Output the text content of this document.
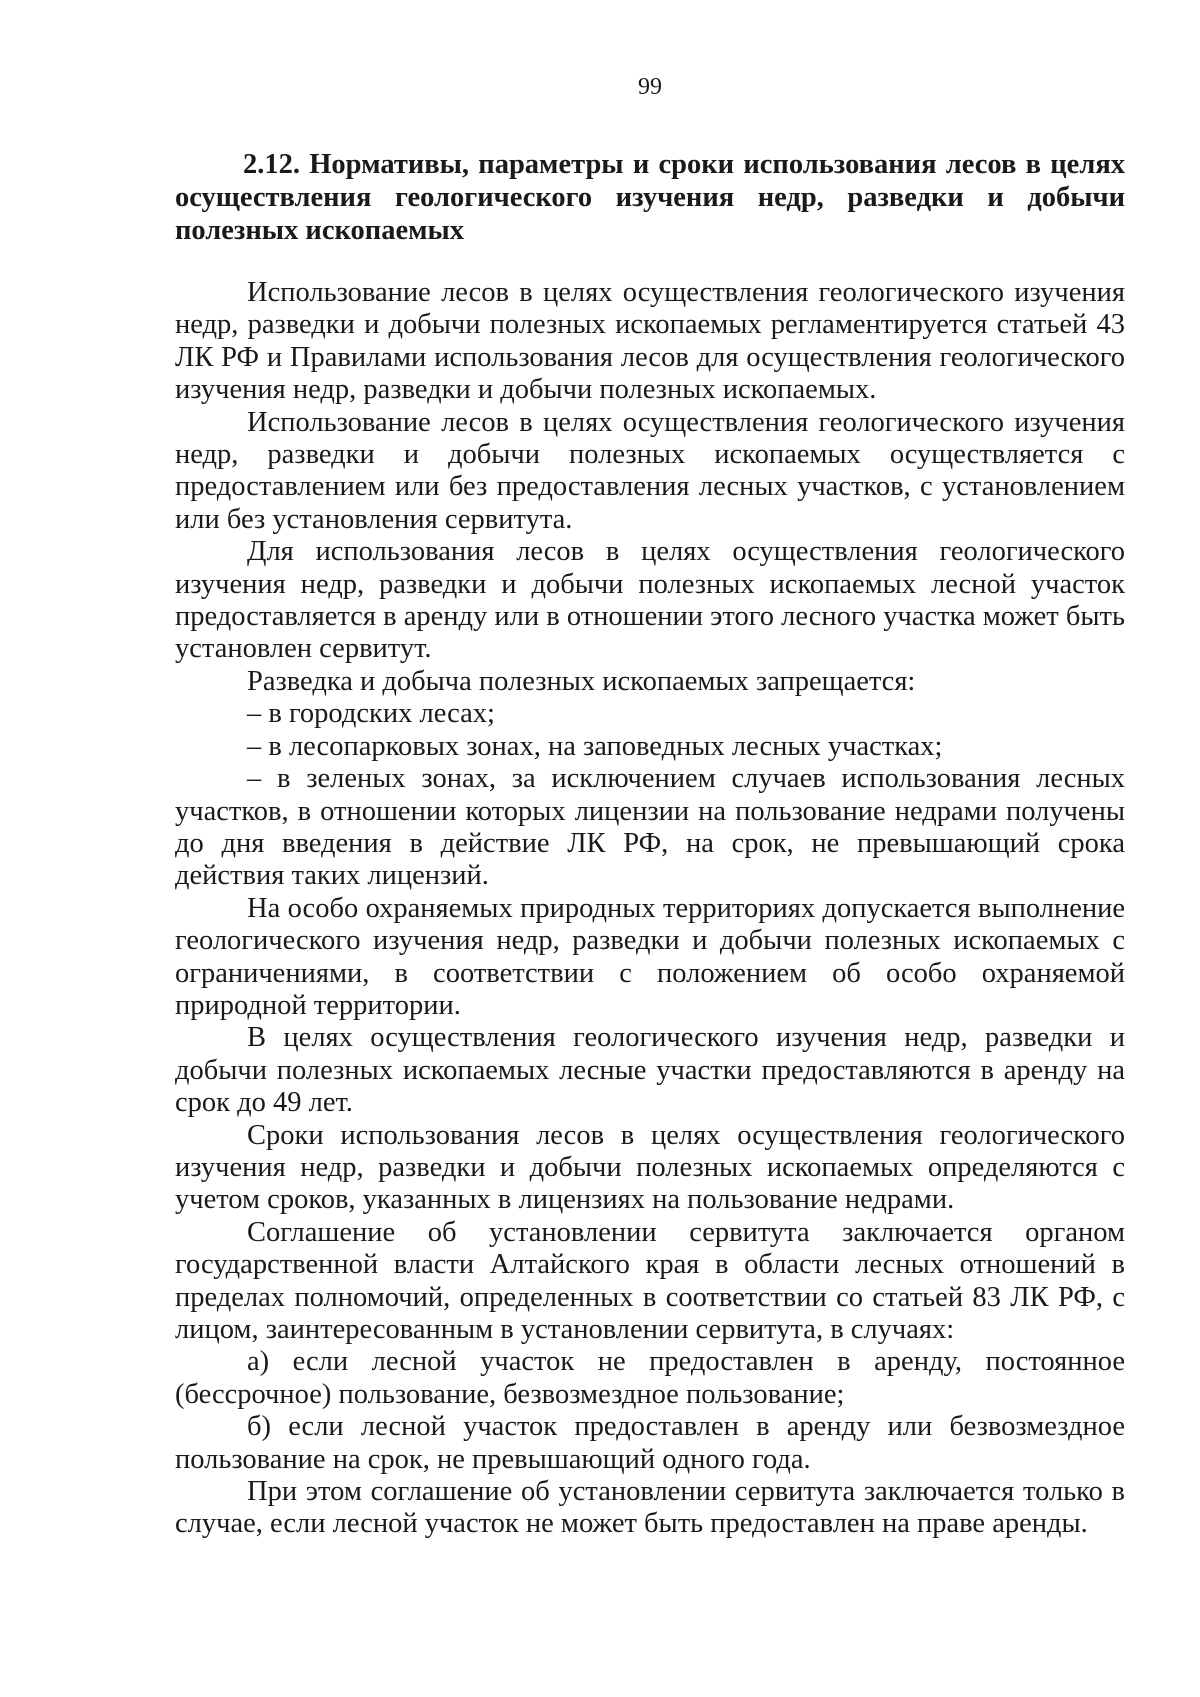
99
2.12. Нормативы, параметры и сроки использования лесов в целях осуществления геологического изучения недр, разведки и добычи полезных ископаемых

Использование лесов в целях осуществления геологического изучения недр, разведки и добычи полезных ископаемых регламентируется статьей 43 ЛК РФ и Правилами использования лесов для осуществления геологического изучения недр, разведки и добычи полезных ископаемых.

Использование лесов в целях осуществления геологического изучения недр, разведки и добычи полезных ископаемых осуществляется с предоставлением или без предоставления лесных участков, с установлением или без установления сервитута.

Для использования лесов в целях осуществления геологического изучения недр, разведки и добычи полезных ископаемых лесной участок предоставляется в аренду или в отношении этого лесного участка может быть установлен сервитут.

Разведка и добыча полезных ископаемых запрещается:

– в городских лесах;

– в лесопарковых зонах, на заповедных лесных участках;

– в зеленых зонах, за исключением случаев использования лесных участков, в отношении которых лицензии на пользование недрами получены до дня введения в действие ЛК РФ, на срок, не превышающий срока действия таких лицензий.

На особо охраняемых природных территориях допускается выполнение геологического изучения недр, разведки и добычи полезных ископаемых с ограничениями, в соответствии с положением об особо охраняемой природной территории.

В целях осуществления геологического изучения недр, разведки и добычи полезных ископаемых лесные участки предоставляются в аренду на срок до 49 лет.

Сроки использования лесов в целях осуществления геологического изучения недр, разведки и добычи полезных ископаемых определяются с учетом сроков, указанных в лицензиях на пользование недрами.

Соглашение об установлении сервитута заключается органом государственной власти Алтайского края в области лесных отношений в пределах полномочий, определенных в соответствии со статьей 83 ЛК РФ, с лицом, заинтересованным в установлении сервитута, в случаях:

а) если лесной участок не предоставлен в аренду, постоянное (бессрочное) пользование, безвозмездное пользование;

б) если лесной участок предоставлен в аренду или безвозмездное пользование на срок, не превышающий одного года.

При этом соглашение об установлении сервитута заключается только в случае, если лесной участок не может быть предоставлен на праве аренды.
